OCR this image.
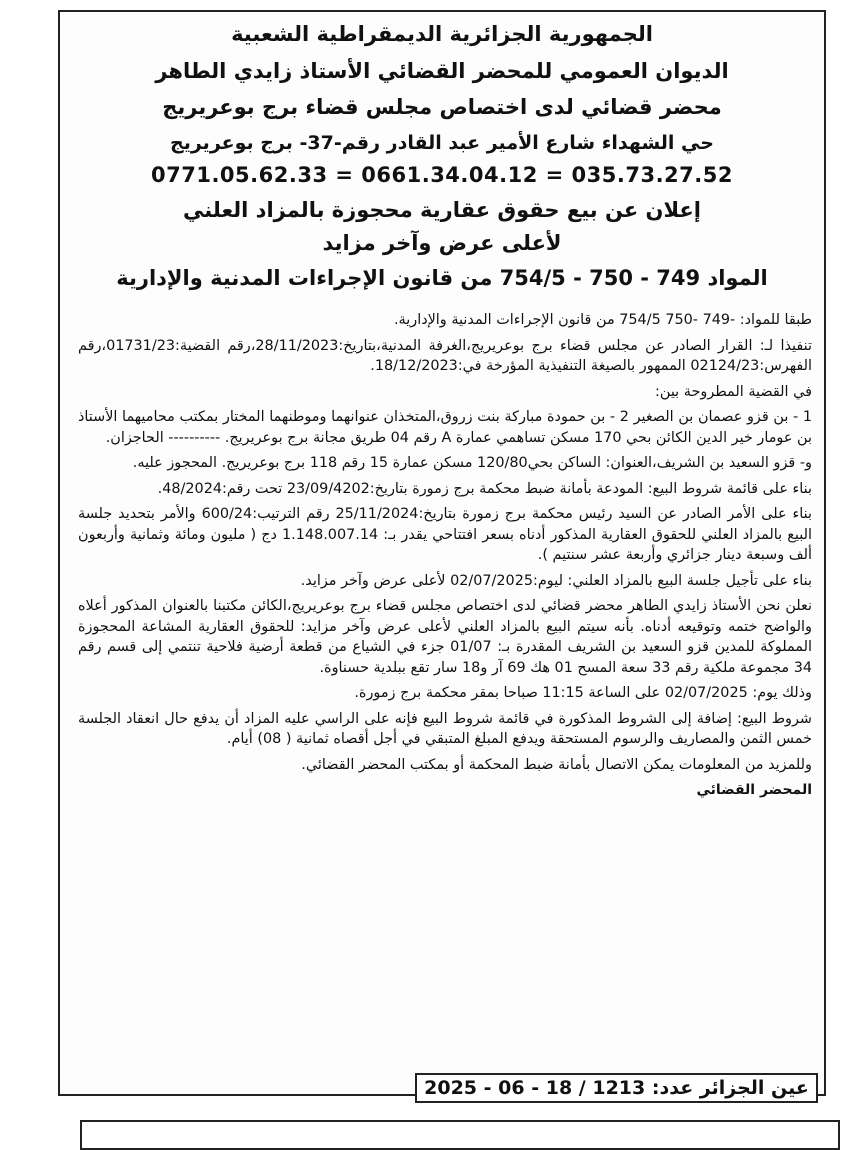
الجمهورية الجزائرية الديمقراطية الشعبية
الديوان العمومي للمحضر القضائي الأستاذ زايدي الطاهر
محضر قضائي لدى اختصاص مجلس قضاء برج بوعريريج
حي الشهداء شارع الأمير عبد القادر رقم-37- برج بوعريريج
0771.05.62.33 = 0661.34.04.12 = 035.73.27.52
إعلان عن بيع حقوق عقارية محجوزة بالمزاد العلني
لأعلى عرض وآخر مزايد
المواد 749 - 750 - 754/5 من قانون الإجراءات المدنية والإدارية

طبقا للمواد: -749 -750 754/5 من قانون الإجراءات المدنية والإدارية.

تنفيذا لـ: القرار الصادر عن مجلس قضاء برج بوعريريج،الغرفة المدنية،بتاريخ:28/11/2023،رقم القضية:01731/23،رقم الفهرس:02124/23 الممهور بالصيغة التنفيذية المؤرخة في:18/12/2023.

في القضية المطروحة بين:

1 - بن قزو عصمان بن الصغير 2 - بن حمودة مباركة بنت زروق،المتخذان عنوانهما وموطنهما المختار بمكتب محاميهما الأستاذ بن عومار خير الدين الكائن بحي 170 مسكن تساهمي عمارة A رقم 04 طريق مجانة برج بوعريريج. ---------- الحاجزان.

و- قزو السعيد بن الشريف،العنوان: الساكن بحي120/80 مسكن عمارة 15 رقم 118 برج بوعريريج. المحجوز عليه.

بناء على قائمة شروط البيع: المودعة بأمانة ضبط محكمة برج زمورة بتاريخ:23/09/4202 تحت رقم:48/2024.

بناء على الأمر الصادر عن السيد رئيس محكمة برج زمورة بتاريخ:25/11/2024 رقم الترتيب:600/24 والأمر بتحديد جلسة البيع بالمزاد العلني للحقوق العقارية المذكور أدناه بسعر افتتاحي يقدر بـ: 1.148.007.14 دج ( مليون ومائة وثمانية وأربعون ألف وسبعة دينار جزائري وأربعة عشر سنتيم ).

بناء على تأجيل جلسة البيع بالمزاد العلني: ليوم:02/07/2025 لأعلى عرض وآخر مزايد.

نعلن نحن الأستاذ زايدي الطاهر محضر قضائي لدى اختصاص مجلس قضاء برج بوعريريج،الكائن مكتبنا بالعنوان المذكور أعلاه والواضح ختمه وتوقيعه أدناه. بأنه سيتم البيع بالمزاد العلني لأعلى عرض وآخر مزايد: للحقوق العقارية المشاعة المحجوزة المملوكة للمدين قزو السعيد بن الشريف المقدرة بـ: 01/07 جزء في الشياع من قطعة أرضية فلاحية تنتمي إلى قسم رقم 34 مجموعة ملكية رقم 33 سعة المسح 01 هك 69 آر و18 سار تقع ببلدية حسناوة.

وذلك يوم: 02/07/2025 على الساعة 11:15 صباحا بمقر محكمة برج زمورة.

شروط البيع: إضافة إلى الشروط المذكورة في قائمة شروط البيع فإنه على الراسي عليه المزاد أن يدفع حال انعقاد الجلسة خمس الثمن والمصاريف والرسوم المستحقة ويدفع المبلغ المتبقي في أجل أقصاه ثمانية ( 08) أيام.

وللمزيد من المعلومات يمكن الاتصال بأمانة ضبط المحكمة أو بمكتب المحضر القضائي.

المحضر القضائي
عين الجزائر عدد: 1213 / 18 - 06 - 2025
